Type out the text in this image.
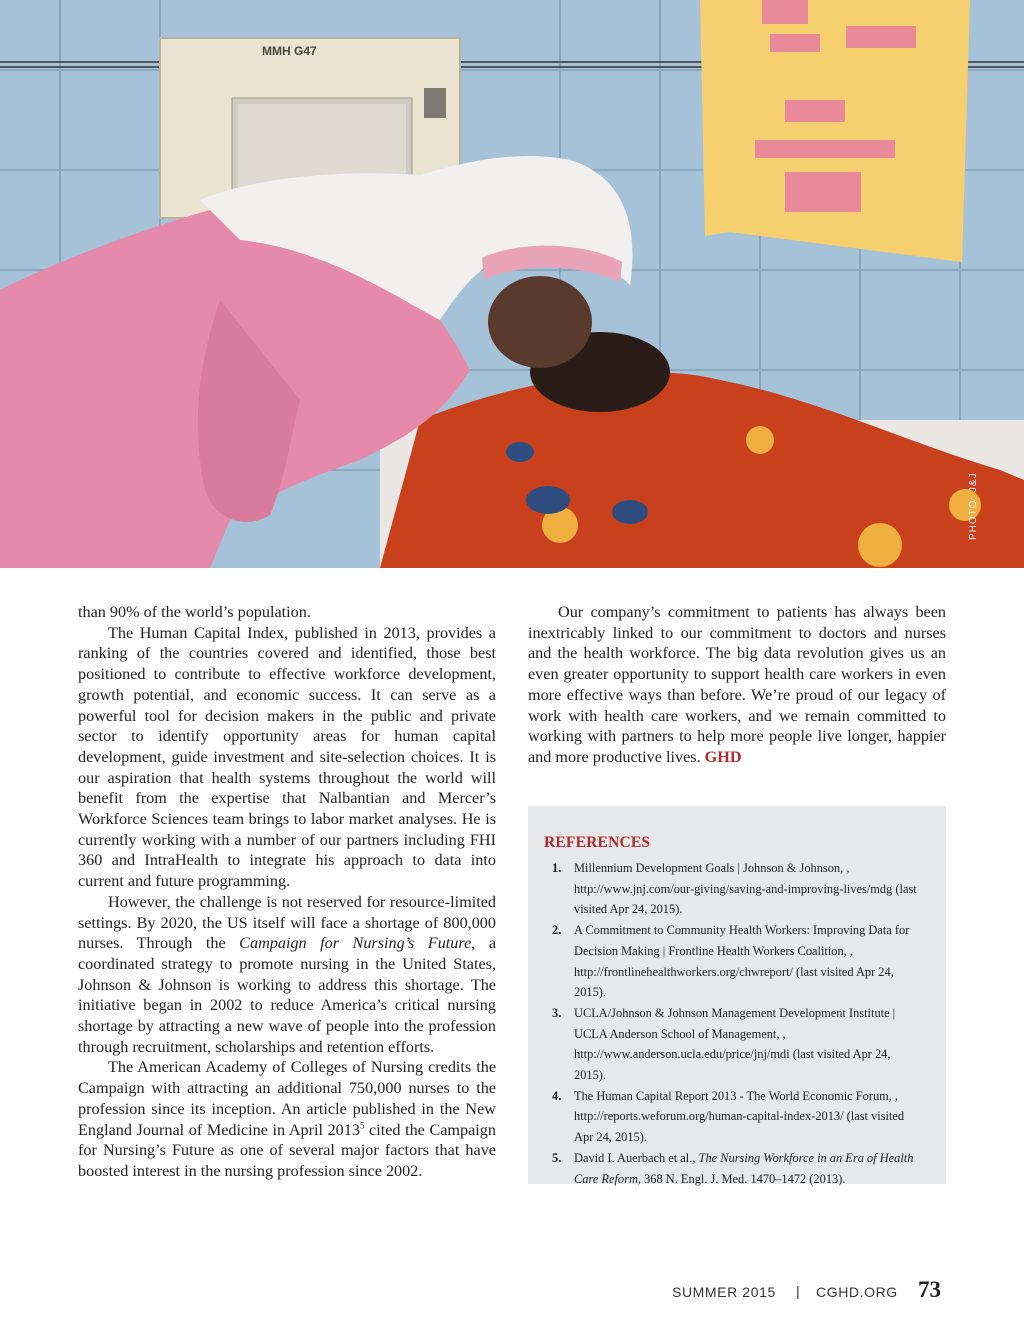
MMH G47
PHOTO: J&J

than 90% of the world’s population.

The Human Capital Index, published in 2013, provides a ranking of the countries covered and identified, those best positioned to contribute to effective workforce development, growth potential, and economic success. It can serve as a powerful tool for decision makers in the public and private sector to identify opportunity areas for human capital development, guide investment and site-selection choices. It is our aspiration that health systems throughout the world will benefit from the expertise that Nalbantian and Mercer’s Workforce Sciences team brings to labor market analyses. He is currently working with a number of our partners including FHI 360 and IntraHealth to integrate his approach to data into current and future programming.

However, the challenge is not reserved for resource-limited settings. By 2020, the US itself will face a shortage of 800,000 nurses. Through the Campaign for Nursing’s Future, a coordinated strategy to promote nursing in the United States, Johnson & Johnson is working to address this shortage. The initiative began in 2002 to reduce America’s critical nursing shortage by attracting a new wave of people into the profession through recruitment, scholarships and retention efforts.

The American Academy of Colleges of Nursing credits the Campaign with attracting an additional 750,000 nurses to the profession since its inception. An article published in the New England Journal of Medicine in April 2013$^5$ cited the Campaign for Nursing’s Future as one of several major factors that have boosted interest in the nursing profession since 2002.

Our company’s commitment to patients has always been inextricably linked to our commitment to doctors and nurses and the health workforce. The big data revolution gives us an even greater opportunity to support health care workers in even more effective ways than before. We’re proud of our legacy of work with health care workers, and we remain committed to working with partners to help more people live longer, happier and more productive lives. GHD

REFERENCES
1. Millennium Development Goals | Johnson & Johnson, , http://www.jnj.com/our-giving/saving-and-improving-lives/mdg (last visited Apr 24, 2015).
2. A Commitment to Community Health Workers: Improving Data for Decision Making | Frontline Health Workers Coalition, , http://frontlinehealthworkers.org/chwreport/ (last visited Apr 24, 2015).
3. UCLA/Johnson & Johnson Management Development Institute | UCLA Anderson School of Management, , http://www.anderson.ucla.edu/price/jnj/mdi (last visited Apr 24, 2015).
4. The Human Capital Report 2013 - The World Economic Forum, , http://reports.weforum.org/human-capital-index-2013/ (last visited Apr 24, 2015).
5. David I. Auerbach et al., The Nursing Workforce in an Era of Health Care Reform, 368 N. Engl. J. Med. 1470–1472 (2013).
SUMMER 2015 | CGHD.ORG 73
